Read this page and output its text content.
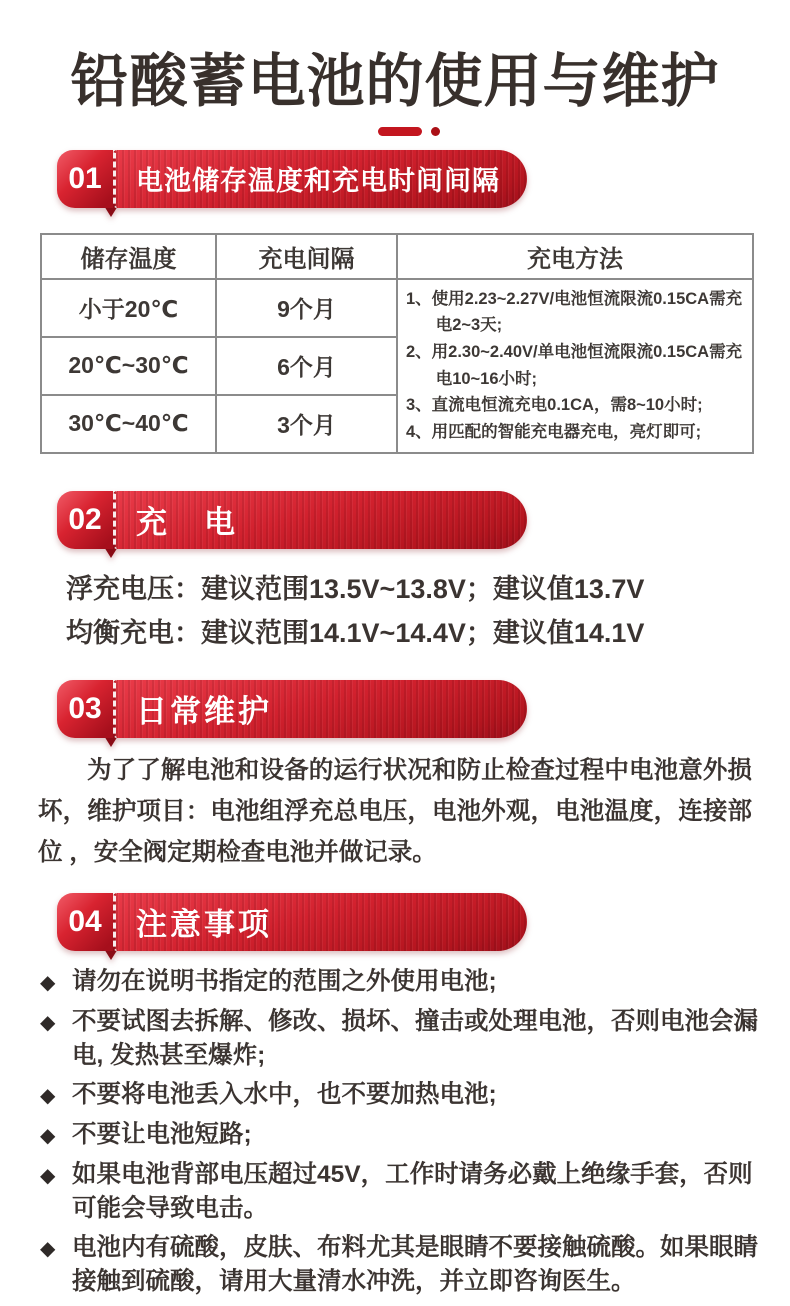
铅酸蓄电池的使用与维护
01	电池储存温度和充电时间间隔
储存温度	充电间隔	充电方法
小于20℃	9个月	1、使用2.23~2.27V/电池恒流限流0.15CA需充电2~3天;
2、用2.30~2.40V/单电池恒流限流0.15CA需充电10~16小时;
3、直流电恒流充电0.1CA，需8~10小时;
4、用匹配的智能充电器充电，亮灯即可;

20℃~30℃	6个月	
30℃~40℃	3个月	
02	充　电
浮充电压：建议范围13.5V~13.8V；建议值13.7V
均衡充电：建议范围14.1V~14.4V；建议值14.1V
03	日常维护

为了了解电池和设备的运行状况和防止检查过程中电池意外损坏，维护项目：电池组浮充总电压，电池外观，电池温度，连接部位 ，安全阀定期检查电池并做记录。

04	注意事项
◆ 请勿在说明书指定的范围之外使用电池;
◆ 不要试图去拆解、修改、损坏、撞击或处理电池，否则电池会漏电, 发热甚至爆炸;
◆ 不要将电池丢入水中，也不要加热电池;
◆ 不要让电池短路;
◆ 如果电池背部电压超过45V，工作时请务必戴上绝缘手套，否则可能会导致电击。
◆ 电池内有硫酸，皮肤、布料尤其是眼睛不要接触硫酸。如果眼睛接触到硫酸，请用大量清水冲洗，并立即咨询医生。
